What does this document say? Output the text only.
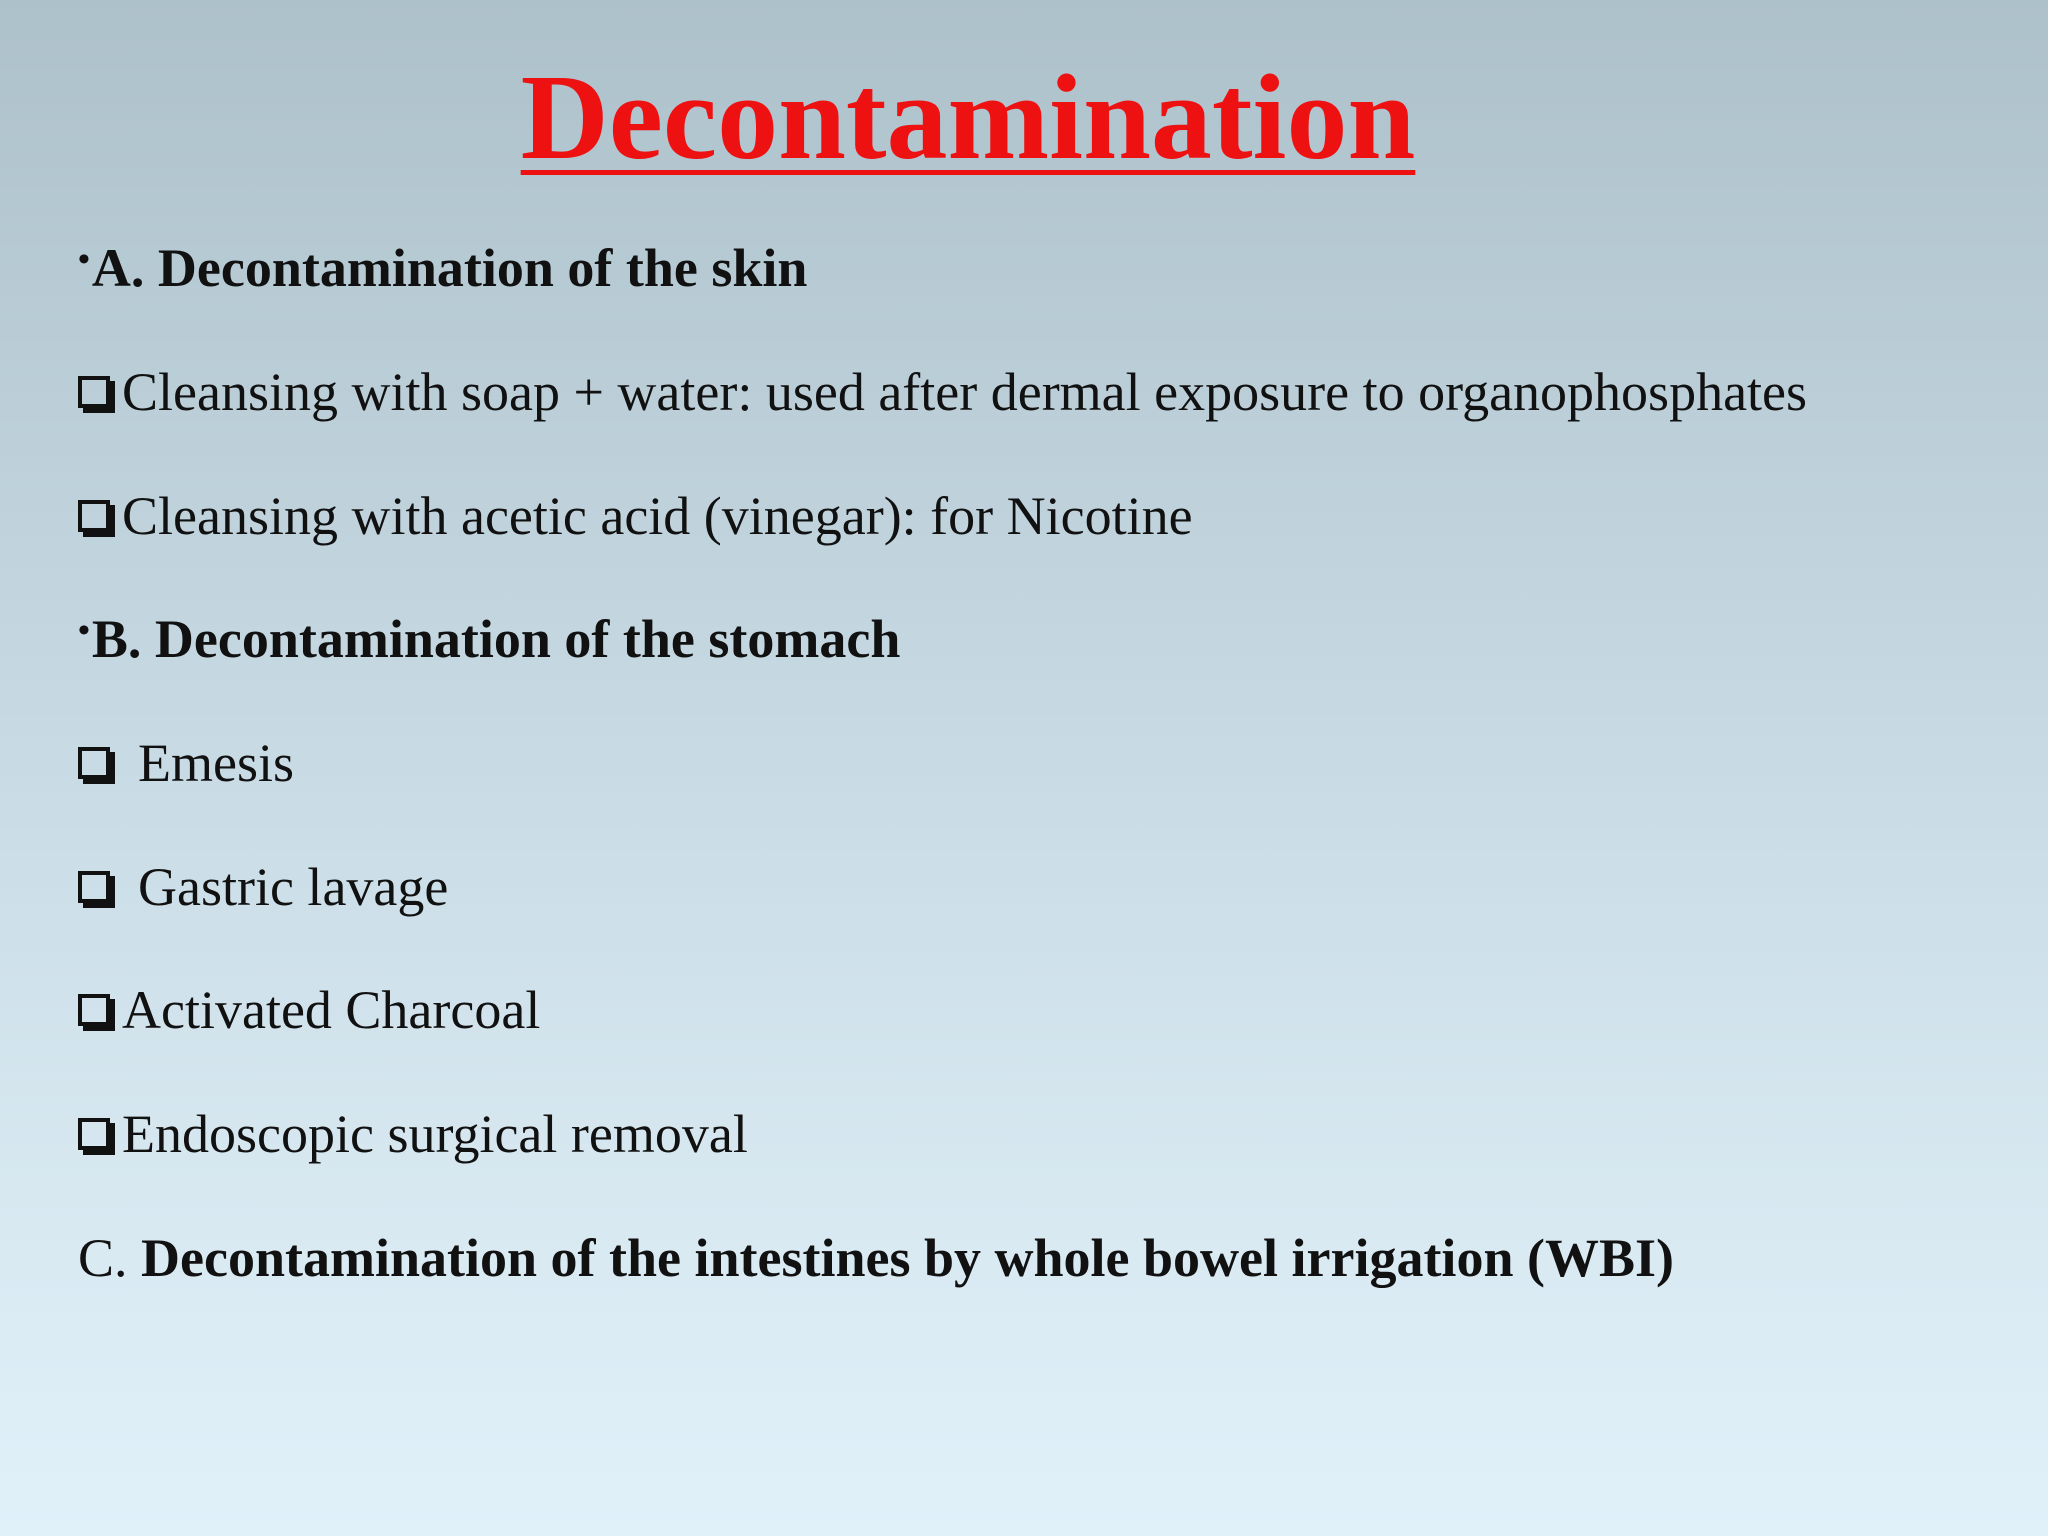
Decontamination
•A. Decontamination of the skin
Cleansing with soap + water: used after dermal exposure to organophosphates
Cleansing with acetic acid (vinegar): for Nicotine
•B. Decontamination of the stomach
Emesis
Gastric lavage
Activated Charcoal
Endoscopic surgical removal
C. Decontamination of the intestines by whole bowel irrigation (WBI)
